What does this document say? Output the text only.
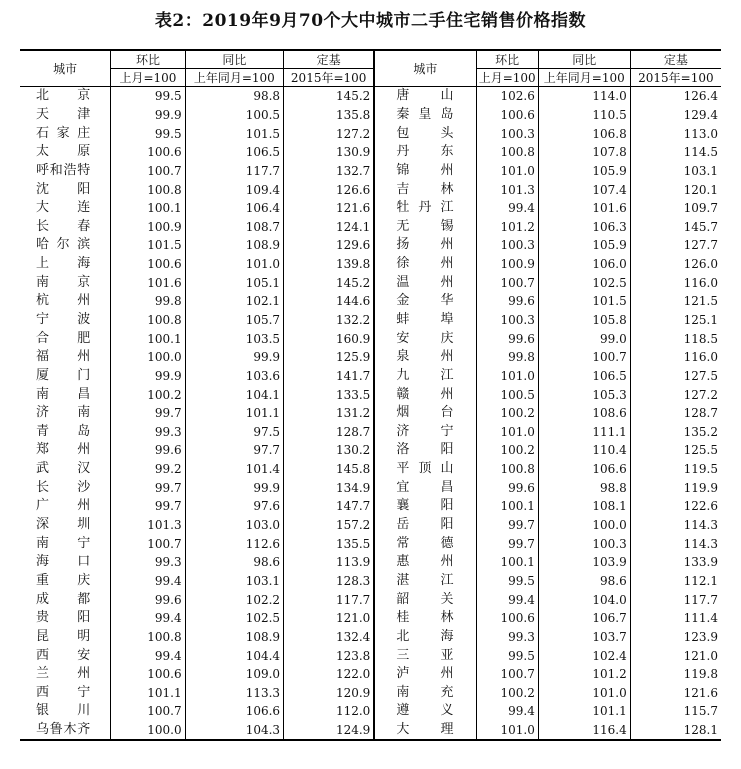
表2：2019年9月70个大中城市二手住宅销售价格指数
城市	环比	同比	定基	城市	环比	同比	定基
	上月=100	上年同月=100	2015年=100		上月=100	上年同月=100	2015年=100
北京	99.5	98.8	145.2	唐山	102.6	114.0	126.4
天津	99.9	100.5	135.8	秦皇岛	100.6	110.5	129.4
石家庄	99.5	101.5	127.2	包头	100.3	106.8	113.0
太原	100.6	106.5	130.9	丹东	100.8	107.8	114.5
呼和浩特	100.7	117.7	132.7	锦州	101.0	105.9	103.1
沈阳	100.8	109.4	126.6	吉林	101.3	107.4	120.1
大连	100.1	106.4	121.6	牡丹江	99.4	101.6	109.7
长春	100.9	108.7	124.1	无锡	101.2	106.3	145.7
哈尔滨	101.5	108.9	129.6	扬州	100.3	105.9	127.7
上海	100.6	101.0	139.8	徐州	100.9	106.0	126.0
南京	101.6	105.1	145.2	温州	100.7	102.5	116.0
杭州	99.8	102.1	144.6	金华	99.6	101.5	121.5
宁波	100.8	105.7	132.2	蚌埠	100.3	105.8	125.1
合肥	100.1	103.5	160.9	安庆	99.6	99.0	118.5
福州	100.0	99.9	125.9	泉州	99.8	100.7	116.0
厦门	99.9	103.6	141.7	九江	101.0	106.5	127.5
南昌	100.2	104.1	133.5	赣州	100.5	105.3	127.2
济南	99.7	101.1	131.2	烟台	100.2	108.6	128.7
青岛	99.3	97.5	128.7	济宁	101.0	111.1	135.2
郑州	99.6	97.7	130.2	洛阳	100.2	110.4	125.5
武汉	99.2	101.4	145.8	平顶山	100.8	106.6	119.5
长沙	99.7	99.9	134.9	宜昌	99.6	98.8	119.9
广州	99.7	97.6	147.7	襄阳	100.1	108.1	122.6
深圳	101.3	103.0	157.2	岳阳	99.7	100.0	114.3
南宁	100.7	112.6	135.5	常德	99.7	100.3	114.3
海口	99.3	98.6	113.9	惠州	100.1	103.9	133.9
重庆	99.4	103.1	128.3	湛江	99.5	98.6	112.1
成都	99.6	102.2	117.7	韶关	99.4	104.0	117.7
贵阳	99.4	102.5	121.0	桂林	100.6	106.7	111.4
昆明	100.8	108.9	132.4	北海	99.3	103.7	123.9
西安	99.4	104.4	123.8	三亚	99.5	102.4	121.0
兰州	100.6	109.0	122.0	泸州	100.7	101.2	119.8
西宁	101.1	113.3	120.9	南充	100.2	101.0	121.6
银川	100.7	106.6	112.0	遵义	99.4	101.1	115.7
乌鲁木齐	100.0	104.3	124.9	大理	101.0	116.4	128.1
